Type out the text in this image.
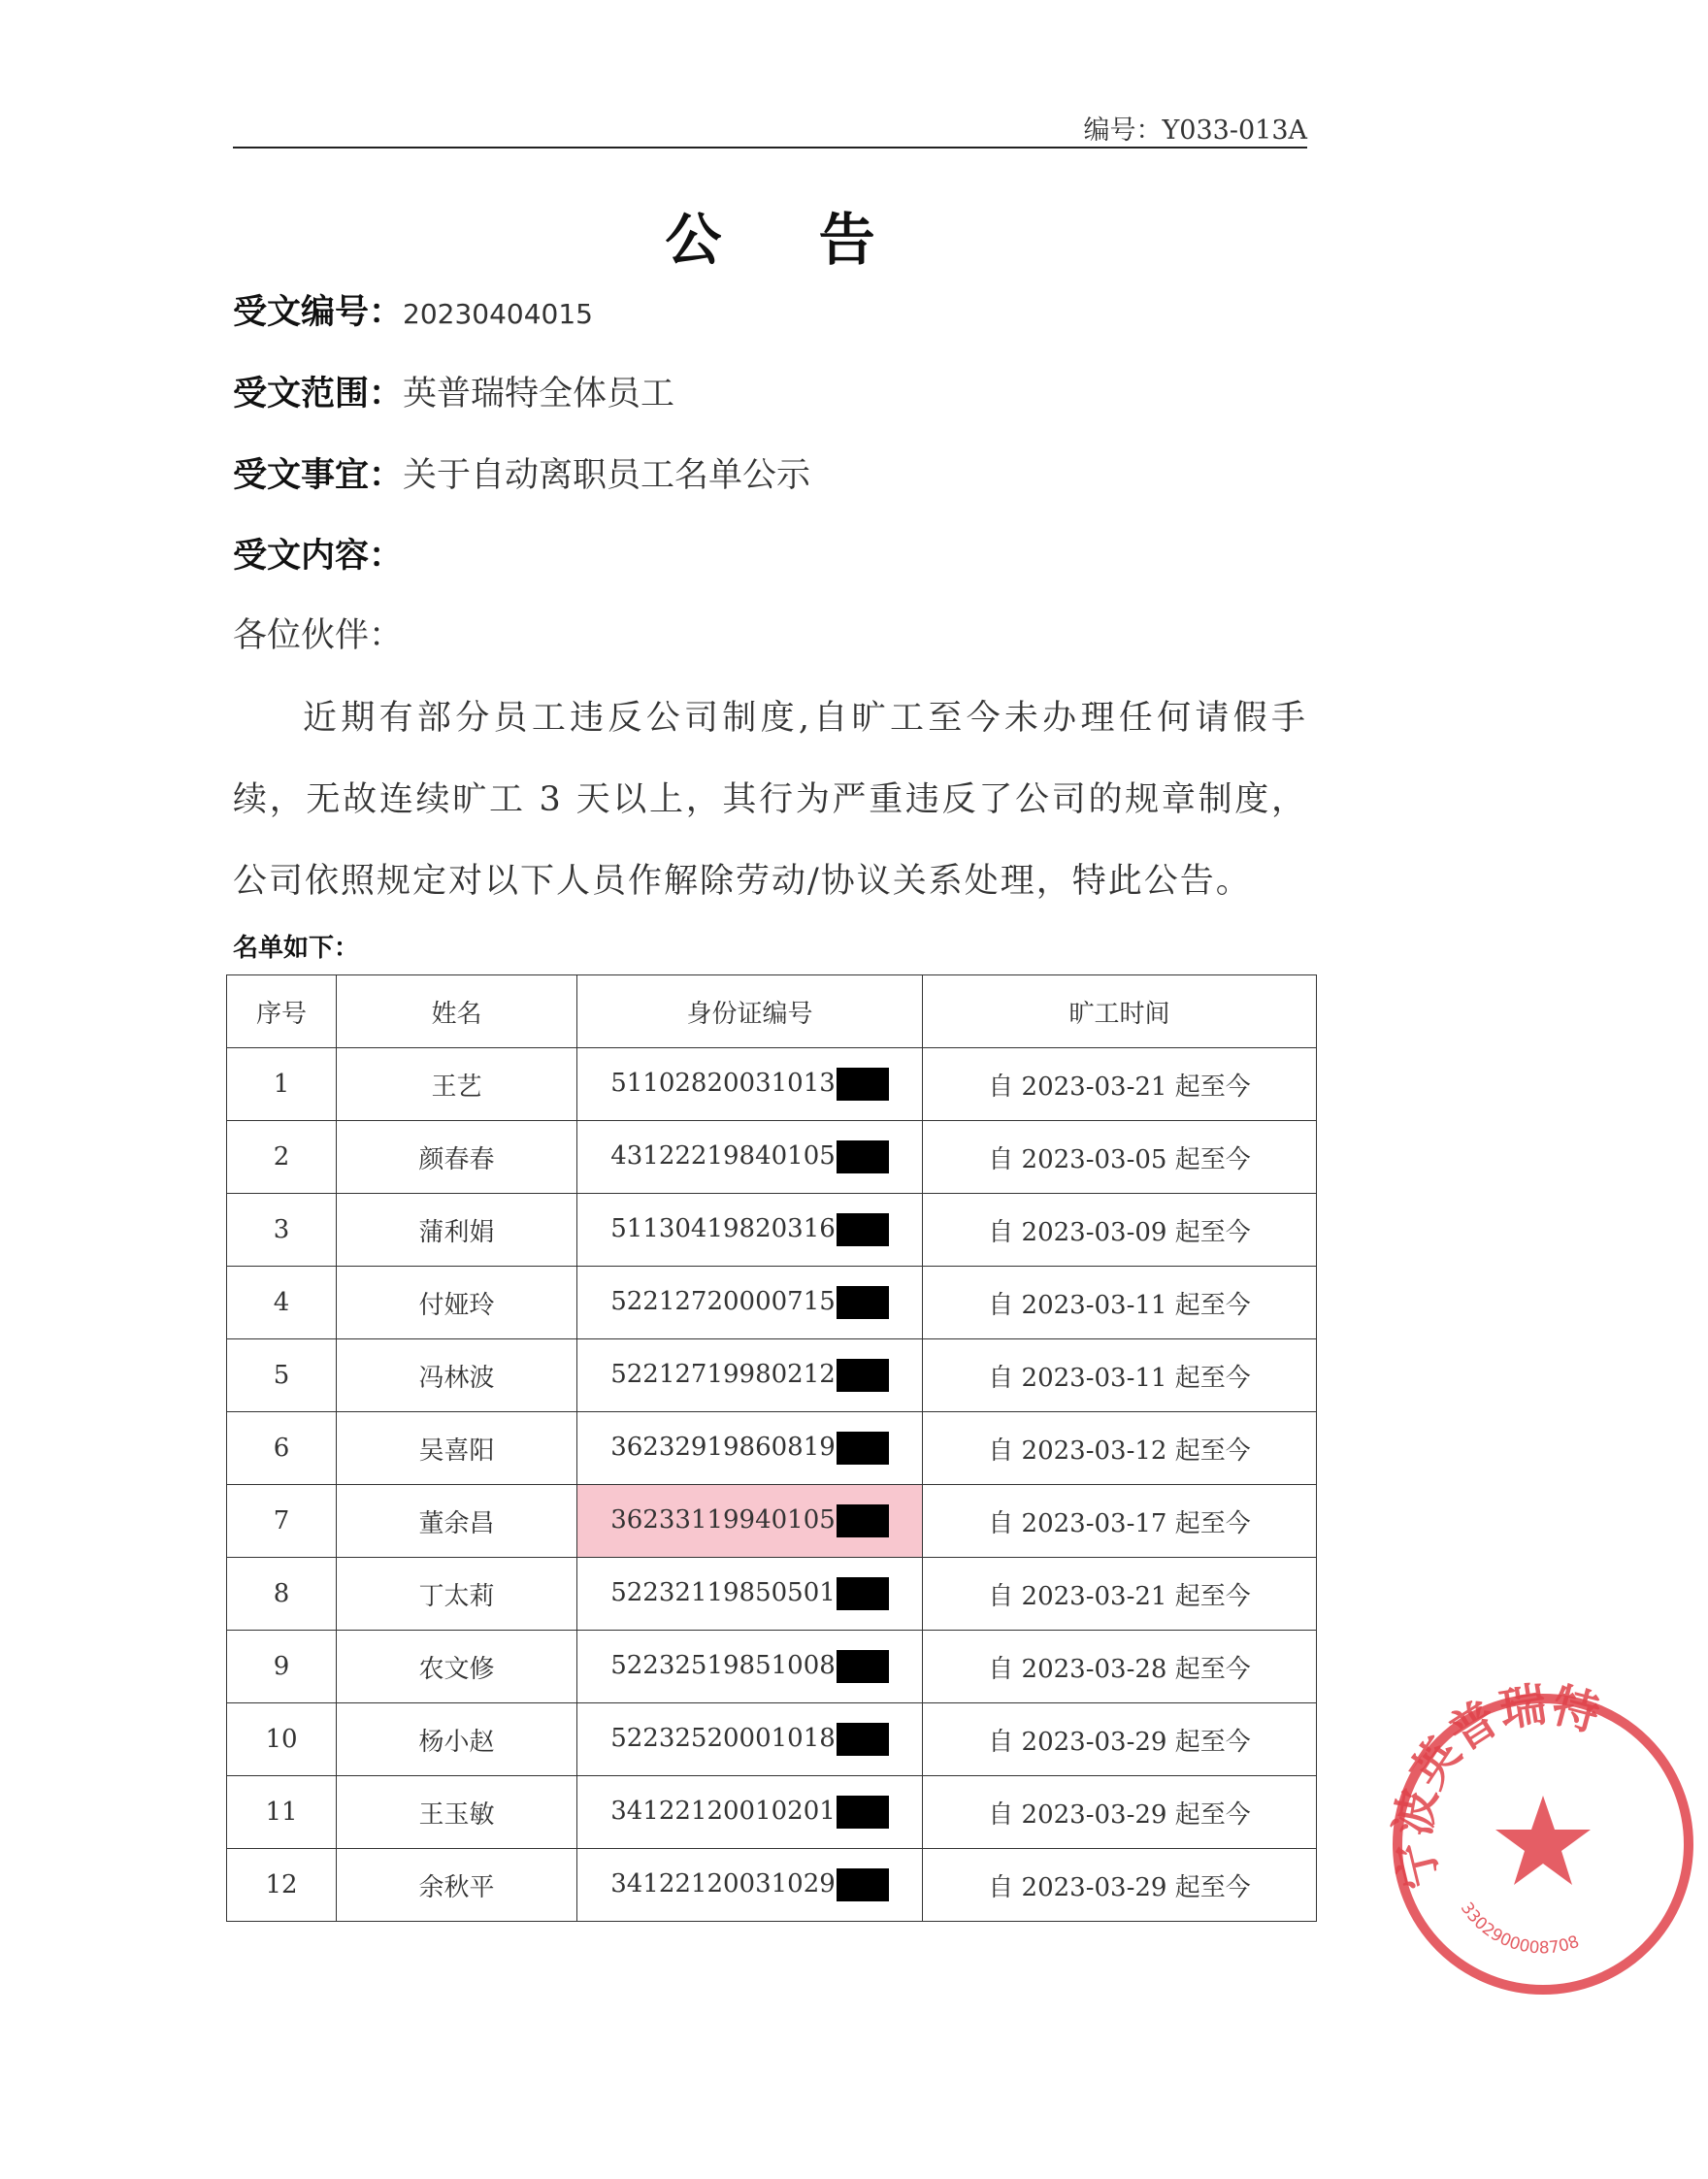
编号：Y033-013A
公 告
受文编号：20230404015
受文范围：英普瑞特全体员工
受文事宜：关于自动离职员工名单公示
受文内容：
各位伙伴：

近期有部分员工违反公司制度,自旷工至今未办理任何请假手续，无故连续旷工 3 天以上，其行为严重违反了公司的规章制度，公司依照规定对以下人员作解除劳动/协议关系处理，特此公告。

名单如下：
序号	姓名	身份证编号	旷工时间
1	王艺	51102820031013	自 2023-03-21 起至今
2	颜春春	43122219840105	自 2023-03-05 起至今
3	蒲利娟	51130419820316	自 2023-03-09 起至今
4	付娅玲	52212720000715	自 2023-03-11 起至今
5	冯林波	52212719980212	自 2023-03-11 起至今
6	吴喜阳	36232919860819	自 2023-03-12 起至今
7	董余昌	36233119940105	自 2023-03-17 起至今
8	丁太莉	52232119850501	自 2023-03-21 起至今
9	农文修	52232519851008	自 2023-03-28 起至今
10	杨小赵	52232520001018	自 2023-03-29 起至今
11	王玉敏	34122120010201	自 2023-03-29 起至今
12	余秋平	34122120031029	自 2023-03-29 起至今	宁波英普瑞特
3302900008708
